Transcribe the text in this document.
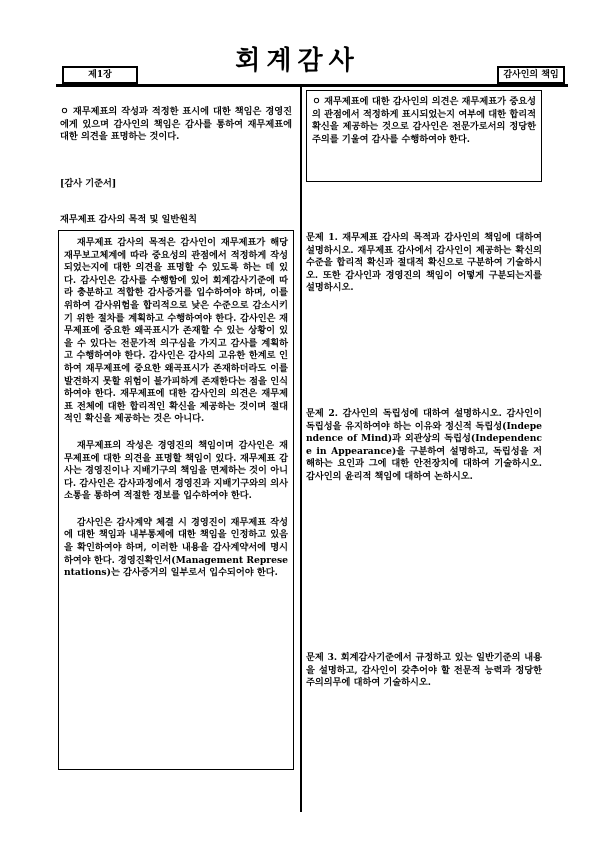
회계감사
제1장	감사인의 책임
ㅇ 재무제표의 작성과 적정한 표시에 대한 책임은 경영진에게 있으며 감사인의 책임은 감사를 통하여 재무제표에 대한 의견을 표명하는 것이다.
[감사 기준서]
재무제표 감사의 목적 및 일반원칙

재무제표 감사의 목적은 감사인이 재무제표가 해당 재무보고체계에 따라 중요성의 관점에서 적정하게 작성되었는지에 대한 의견을 표명할 수 있도록 하는 데 있다. 감사인은 감사를 수행함에 있어 회계감사기준에 따라 충분하고 적합한 감사증거를 입수하여야 하며, 이를 위하여 감사위험을 합리적으로 낮은 수준으로 감소시키기 위한 절차를 계획하고 수행하여야 한다. 감사인은 재무제표에 중요한 왜곡표시가 존재할 수 있는 상황이 있을 수 있다는 전문가적 의구심을 가지고 감사를 계획하고 수행하여야 한다. 감사인은 감사의 고유한 한계로 인하여 재무제표에 중요한 왜곡표시가 존재하더라도 이를 발견하지 못할 위험이 불가피하게 존재한다는 점을 인식하여야 한다. 재무제표에 대한 감사인의 의견은 재무제표 전체에 대한 합리적인 확신을 제공하는 것이며 절대적인 확신을 제공하는 것은 아니다.

재무제표의 작성은 경영진의 책임이며 감사인은 재무제표에 대한 의견을 표명할 책임이 있다. 재무제표 감사는 경영진이나 지배기구의 책임을 면제하는 것이 아니다. 감사인은 감사과정에서 경영진과 지배기구와의 의사소통을 통하여 적절한 정보를 입수하여야 한다.

감사인은 감사계약 체결 시 경영진이 재무제표 작성에 대한 책임과 내부통제에 대한 책임을 인정하고 있음을 확인하여야 하며, 이러한 내용을 감사계약서에 명시하여야 한다. 경영진확인서(Management Representations)는 감사증거의 일부로서 입수되어야 한다.

ㅇ 재무제표에 대한 감사인의 의견은 재무제표가 중요성의 관점에서 적정하게 표시되었는지 여부에 대한 합리적 확신을 제공하는 것으로 감사인은 전문가로서의 정당한 주의를 기울여 감사를 수행하여야 한다.
문제 1. 재무제표 감사의 목적과 감사인의 책임에 대하여 설명하시오. 재무제표 감사에서 감사인이 제공하는 확신의 수준을 합리적 확신과 절대적 확신으로 구분하여 기술하시오. 또한 감사인과 경영진의 책임이 어떻게 구분되는지를 설명하시오.
문제 2. 감사인의 독립성에 대하여 설명하시오. 감사인이 독립성을 유지하여야 하는 이유와 정신적 독립성(Independence of Mind)과 외관상의 독립성(Independence in Appearance)을 구분하여 설명하고, 독립성을 저해하는 요인과 그에 대한 안전장치에 대하여 기술하시오. 감사인의 윤리적 책임에 대하여 논하시오.
문제 3. 회계감사기준에서 규정하고 있는 일반기준의 내용을 설명하고, 감사인이 갖추어야 할 전문적 능력과 정당한 주의의무에 대하여 기술하시오.
